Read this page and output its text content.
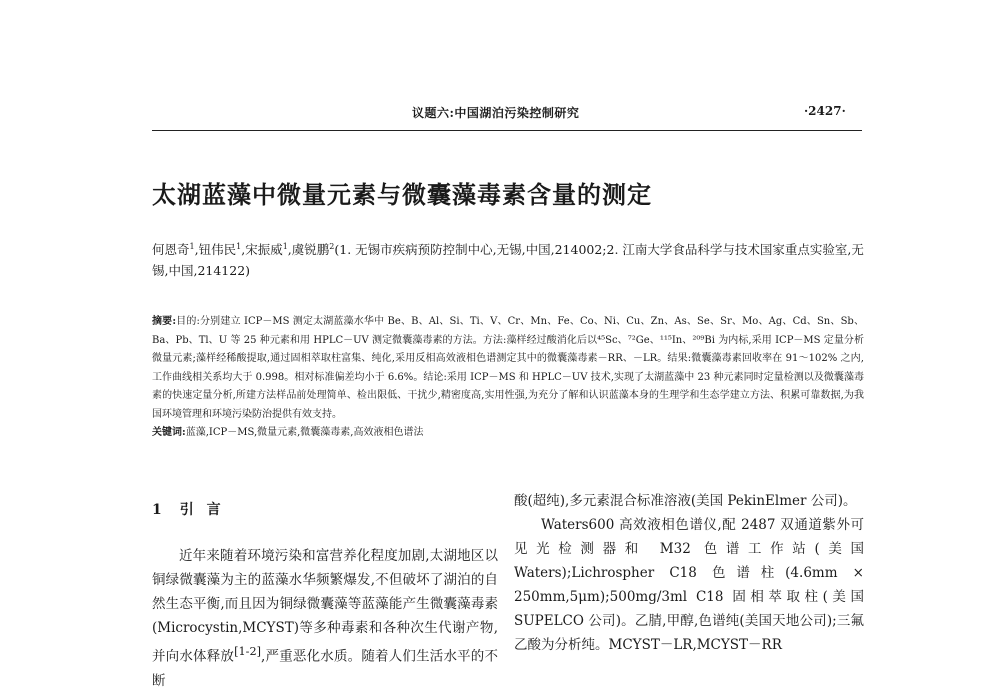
议题六:中国湖泊污染控制研究	·2427·
太湖蓝藻中微量元素与微囊藻毒素含量的测定
何恩奇$^1$,钮伟民$^1$,宋振威$^1$,虞锐鹏$^2$(1. 无锡市疾病预防控制中心,无锡,中国,214002;2. 江南大学食品科学与技术国家重点实验室,无锡,中国,214122)
摘要:目的:分别建立 ICP－MS 测定太湖蓝藻水华中 Be、B、Al、Si、Ti、V、Cr、Mn、Fe、Co、Ni、Cu、Zn、As、Se、Sr、Mo、Ag、Cd、Sn、Sb、Ba、Pb、Tl、U 等 25 种元素和用 HPLC－UV 测定微囊藻毒素的方法。方法:藻样经过酸消化后以⁴⁵Sc、⁷²Ge、¹¹⁵In、²⁰⁹Bi 为内标,采用 ICP－MS 定量分析微量元素;藻样经稀酸提取,通过固相萃取柱富集、纯化,采用反相高效液相色谱测定其中的微囊藻毒素－RR、－LR。结果:微囊藻毒素回收率在 91～102% 之内,工作曲线相关系均大于 0.998。相对标准偏差均小于 6.6%。结论:采用 ICP－MS 和 HPLC－UV 技术,实现了太湖蓝藻中 23 种元素同时定量检测以及微囊藻毒素的快速定量分析,所建方法样品前处理简单、检出限低、干扰少,精密度高,实用性强,为充分了解和认识蓝藻本身的生理学和生态学建立方法、积累可靠数据,为我国环境管理和环境污染防治提供有效支持。
关键词:蓝藻,ICP－MS,微量元素,微囊藻毒素,高效液相色谱法
1 引 言
近年来随着环境污染和富营养化程度加剧,太湖地区以铜绿微囊藻为主的蓝藻水华频繁爆发,不但破坏了湖泊的自然生态平衡,而且因为铜绿微囊藻等蓝藻能产生微囊藻毒素(Microcystin,MCYST)等多种毒素和各种次生代谢产物,并向水体释放[1-2],严重恶化水质。随着人们生活水平的不断
酸(超纯),多元素混合标准溶液(美国 PekinElmer 公司)。
Waters600 高效液相色谱仪,配 2487 双通道紫外可见光检测器和 M32 色谱工作站(美国 Waters);Lichrospher C18 色谱柱(4.6mm × 250mm,5μm);500mg/3ml C18 固相萃取柱(美国 SUPELCO 公司)。乙腈,甲醇,色谱纯(美国天地公司);三氟乙酸为分析纯。MCYST－LR,MCYST－RR
